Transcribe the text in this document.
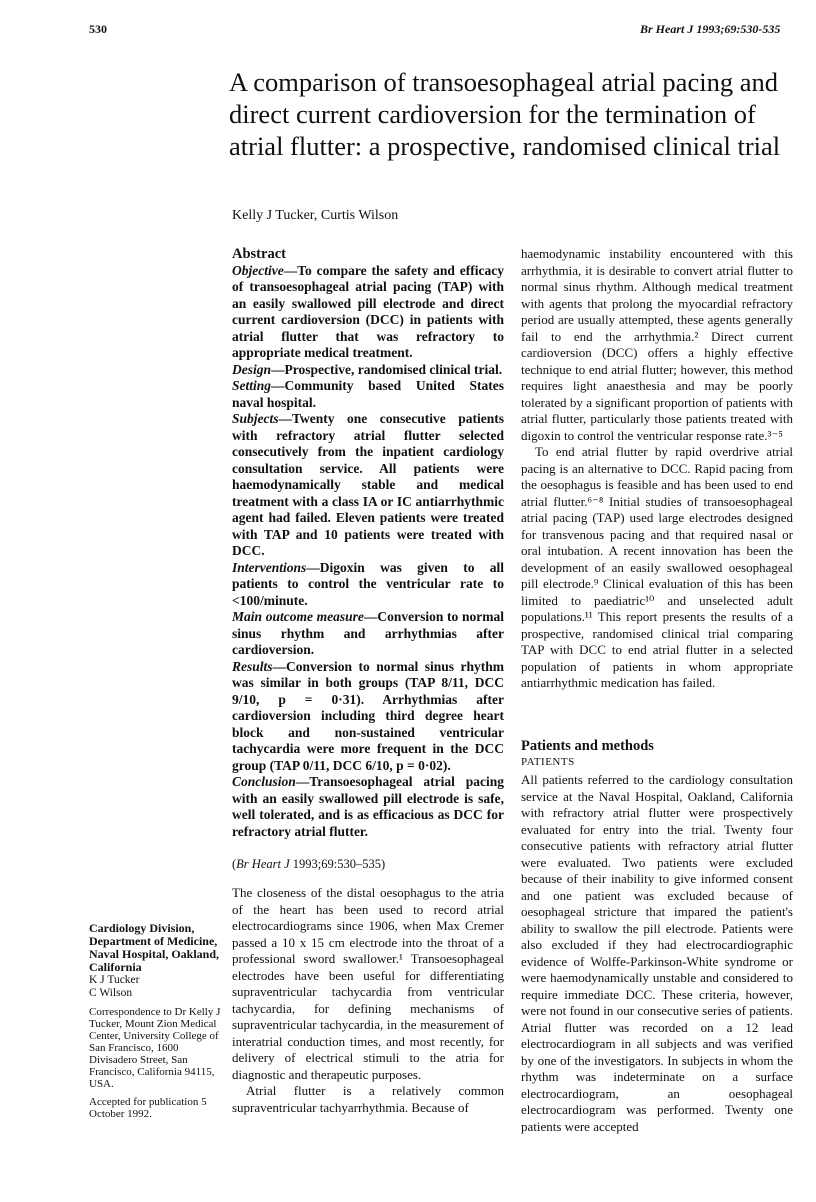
530	Br Heart J 1993;69:530-535
A comparison of transoesophageal atrial pacing and direct current cardioversion for the termination of atrial flutter: a prospective, randomised clinical trial
Kelly J Tucker, Curtis Wilson
Abstract

Objective—To compare the safety and efficacy of transoesophageal atrial pacing (TAP) with an easily swallowed pill electrode and direct current cardioversion (DCC) in patients with atrial flutter that was refractory to appropriate medical treatment.

Design—Prospective, randomised clinical trial.

Setting—Community based United States naval hospital.

Subjects—Twenty one consecutive patients with refractory atrial flutter selected consecutively from the inpatient cardiology consultation service. All patients were haemodynamically stable and medical treatment with a class IA or IC antiarrhythmic agent had failed. Eleven patients were treated with TAP and 10 patients were treated with DCC.

Interventions—Digoxin was given to all patients to control the ventricular rate to <100/minute.

Main outcome measure—Conversion to normal sinus rhythm and arrhythmias after cardioversion.

Results—Conversion to normal sinus rhythm was similar in both groups (TAP 8/11, DCC 9/10, p = 0·31). Arrhythmias after cardioversion including third degree heart block and non-sustained ventricular tachycardia were more frequent in the DCC group (TAP 0/11, DCC 6/10, p = 0·02).

Conclusion—Transoesophageal atrial pacing with an easily swallowed pill electrode is safe, well tolerated, and is as efficacious as DCC for refractory atrial flutter.

(Br Heart J 1993;69:530–535)

The closeness of the distal oesophagus to the atria of the heart has been used to record atrial electrocardiograms since 1906, when Max Cremer passed a 10 x 15 cm electrode into the throat of a professional sword swallower.¹ Transoesophageal electrodes have been useful for differentiating supraventricular tachycardia from ventricular tachycardia, for defining mechanisms of supraventricular tachycardia, in the measurement of interatrial conduction times, and most recently, for delivery of electrical stimuli to the atria for diagnostic and therapeutic purposes.

Atrial flutter is a relatively common supraventricular tachyarrhythmia. Because of

Cardiology Division, Department of Medicine, Naval Hospital, Oakland, California
K J Tucker
C Wilson
Correspondence to Dr Kelly J Tucker, Mount Zion Medical Center, University College of San Francisco, 1600 Divisadero Street, San Francisco, California 94115, USA.
Accepted for publication 5 October 1992.

haemodynamic instability encountered with this arrhythmia, it is desirable to convert atrial flutter to normal sinus rhythm. Although medical treatment with agents that prolong the myocardial refractory period are usually attempted, these agents generally fail to end the arrhythmia.² Direct current cardioversion (DCC) offers a highly effective technique to end atrial flutter; however, this method requires light anaesthesia and may be poorly tolerated by a significant proportion of patients with atrial flutter, particularly those patients treated with digoxin to control the ventricular response rate.³⁻⁵

To end atrial flutter by rapid overdrive atrial pacing is an alternative to DCC. Rapid pacing from the oesophagus is feasible and has been used to end atrial flutter.⁶⁻⁸ Initial studies of transoesophageal atrial pacing (TAP) used large electrodes designed for transvenous pacing and that required nasal or oral intubation. A recent innovation has been the development of an easily swallowed oesophageal pill electrode.⁹ Clinical evaluation of this has been limited to paediatric¹⁰ and unselected adult populations.¹¹ This report presents the results of a prospective, randomised clinical trial comparing TAP with DCC to end atrial flutter in a selected population of patients in whom appropriate antiarrhythmic medication has failed.

Patients and methods
PATIENTS

All patients referred to the cardiology consultation service at the Naval Hospital, Oakland, California with refractory atrial flutter were prospectively evaluated for entry into the trial. Twenty four consecutive patients with refractory atrial flutter were evaluated. Two patients were excluded because of their inability to give informed consent and one patient was excluded because of oesophageal stricture that impared the patient's ability to swallow the pill electrode. Patients were also excluded if they had electrocardiographic evidence of Wolffe-Parkinson-White syndrome or were haemodynamically unstable and considered to require immediate DCC. These criteria, however, were not found in our consecutive series of patients. Atrial flutter was recorded on a 12 lead electrocardiogram in all subjects and was verified by one of the investigators. In subjects in whom the rhythm was indeterminate on a surface electrocardiogram, an oesophageal electrocardiogram was performed. Twenty one patients were accepted
